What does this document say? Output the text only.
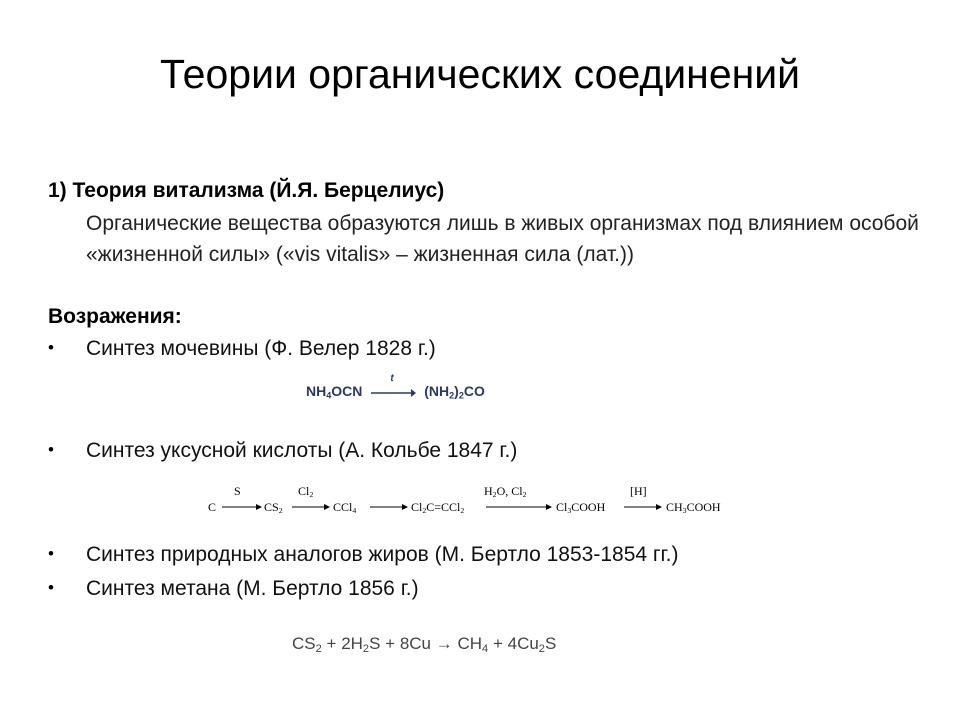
Теории органических соединений
1) Теория витализма (Й.Я. Берцелиус)
Органические вещества образуются лишь в живых организмах под влиянием особой «жизненной силы» («vis vitalis» – жизненная сила (лат.))
Возражения:
• Синтез мочевины (Ф. Велер 1828 г.)
$NH_4OCN$
t
$(NH_2)_2CO$
• Синтез уксусной кислоты (А. Кольбе 1847 г.)
C
S
$CS_2$
$Cl_2$
CCl$_4$	$Cl_2C=CCl_2$
$H_2O$, $Cl_2$
$Cl_3COOH$
[H]
$CH_3COOH$
• Синтез природных аналогов жиров (М. Бертло 1853-1854 гг.)
• Синтез метана (М. Бертло 1856 г.)
$CS_2 + 2H_2S + 8Cu \to CH_4 + 4Cu_2S$
